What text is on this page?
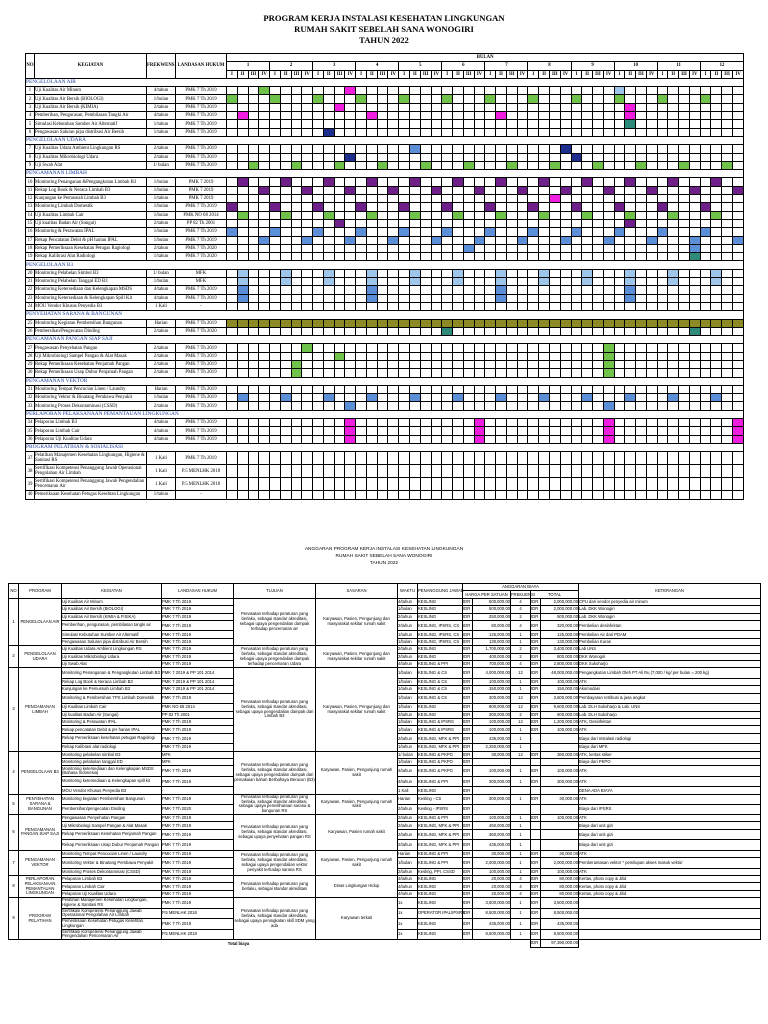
PROGRAM KERJA INSTALASI KESEHATAN LINGKUNGAN
RUMAH SAKIT SEBELAH SANA WONOGIRI
TAHUN 2022
NO	KEGIATAN	FREKWENSI	LANDASAN HUKUM	BULAN																																															
				1				2				3				4				5				6				7				8				9				10				11				12			
				I	II	III	IV	I	II	III	IV	I	II	III	IV	I	II	III	IV	I	II	III	IV	I	II	III	IV	I	II	III	IV	I	II	III	IV	I	II	III	IV	I	II	III	IV	I	II	III	IV	I	II	III	IV
PENGELOLAAN AIR																																																			
1	Uji Kualitas Air Minum	4/tahun	PMK 7 Th 2019																																																
2	Uji Kualitas Air Bersih (BIOLOGI)	1/bulan	PMK 7 Th 2019																																																
3	Uji Kualitas Air Bersih (KIMIA)	2/tahun	PMK 7 Th 2019																																																
4	Pemberihan, Pengurasan, Pembilasan Tangki Air	4/tahun	PMK 7 Th 2019																																																
5	Simulasi Kebutuhan Sumber Air Alternatif	1/tahun	PMK 7 Th 2019																																																
6	Pengawasan Saluran pipa distribusi Air Bersih	1/tahun	PMK 7 Th 2019																																																
PENGELOLAAN UDARA																																																			
7	Uji Kualitas Udara Ambient Lingkungan RS	2/tahun	PMK 7 Th 2019																																																
8	Uji Kualitas Mikrobiologi Udara	2/tahun	PMK 7 Th 2019																																																
9	Uji Swab Alat	1/ bulan	PMK 7 Th 2019																																																
PENGAMANAN LIMBAH																																																			
10	Monitoring Penanganan &Pengangkutan Limbah B3	1/bulan	PMK 7 2019																																																
11	Rekap Log Book & Neraca Limbah B3	1/bulan	PMK 7 2019																																																
12	Kunjungan ke Pemusnah Limbah B3	1/tahun	PMK 7 2019																																																
13	Monitoring Limbah Domestik	1/bulan	PMK 7 Th 2019																																																
14	Uji Kualitas Limbah Cair	1/bulan	PMK NO 68 2014																																																
15	Uji kualitas Badan Air (Sungai)	2/tahun	PP 82 Th 2001																																																
16	Monitoring & Perawatan IPAL	1/bulan	PMK 7 Th 2019																																																
17	Rekap Pencatatan Debit & pH harian IPAL	1/bulan	PMK 7 Th 2019																																																
18	Rekap Pemeriksaan Kesehatan Petugas Ragiologi	2/tahun	PMK 7 Th 2020																																																
19	Rekap Kalibrasi Alat Radiologi	1/tahun	PMK 7 Th 2020																																																
PENGELOLAAN B3																																																			
20	Monitoring Pelabelan Simbol B3	1/ bulan	MFK																																																
21	Monitoring Pelabelan Tanggal ED B3	1/bulan	MFK																																																
22	Monitoring Ketersediaan dan Kelengkapan MSDS	4/tahun	PMK 7 Th 2019																																																
23	Monitoring Ketersediaan & Kelengkapan Spill Kit	4/tahun	PMK 7 Th 2019																																																
24	MOU Vendor Khusus Penyedia B3	1 Kali	-																																																
PENYEHATAN SARANA & BANGUNAN																																																			
25	Monitoring Kegiatan Pembersihan Bangunan	Harian	PMK 7 Th 2019																																																
26	Pembersihan/Pengecatan Dinding	2/tahun	PMK 7 Th 2020																																																
PENGAMANAN PANGAN SIAP SAJI																																																			
27	Pengawasan Penyehatan Pangan	2/tahun	PMK 7 Th 2019																																																
28	Uji Mikrobiologi Sampel Pangan & Alat Masak	2/tahun	PMK 7 Th 2019																																																
29	Rekap Pemeriksaan Kesehatan Penjamah Pangan	2/tahun	PMK 7 Th 2019																																																
30	Rekap Pemeriksaan Usap Dubur Penjamah Pangan	2/tahun	PMK 7 Th 2019																																																
PENGAMANAN VEKTOR																																																			
31	Monitoring Tempat Pencucian Linen / Laundry	Harian	PMK 7 Th 2019																																																
32	Monitoring Vektor & Binatang Pembawa Penyakit	1/bulan	PMK 7 Th 2019																																																
33	Monitoring Proses Dekontaminasi (CSSD)	2/tahun	PMK 7 Th 2019																																																
PERLAPORAN PELAKSANAAN PEMANTAUAN LINGKUNGAN																																																			
34	Pelaporan Limbah B3	4/tahun	PMK 7 Th 2019																																																
35	Pelaporan Limbah Cair	4/tahun	PMK 7 Th 2019																																																
36	Pelaporan Uji Kualitas Udara	4/tahun	PMK 7 Th 2019																																																
PROGRAM PELATIHAN & SOSIALISASI																																																			
37	Pelatihan Manajemen Kesehatan Lingkungan, Higiene & Sanitasi RS	1 Kali	PMK 7 Th 2019																																																
38	Sertifikasi Kompetensi Penanggung Jawab Operasional Pengolahan Air Limbah	1 Kali	P.5 MENLHK 2018																																																
39	Sertifikasi Kompetensi Penanggung Jawab Pengendalian Pencemaran Air	1 Kali	P.5 MENLHK 2018																																																
40	Pemeriksaan Kesehatan Petugas Kesehtan Lingkungan	1/tahun	-																																																
ANGGARAN PROGRAM KERJA INSTALASI KESEHATAN LINGKUNGAN
RUMAH SAKIT SEBELAH SANA WONOGIRI
TAHUN 2022
NO	PROGRAM	KEGIATAN	LANDASAN HUKUM	TUJUAN	SASARAN	WAKTU	PENANGGUNG JAWAB	ANGGARAN BIAYA					KETERANGAN
								HARGA PER SATUAN		FREKUENSI	TOTAL		
1	PENGELOLAAN AIR	Uji Kualitas Air Minum	PMK 7 Th 2019	Penasatan terhadap peraturan yang berlaku, sebagai standar akreditasi, sebagai upaya pengendalian dampak terhadap pencemaran air	Karyawan, Pasien, Pengunjung dan masyarakat sekitar rumah sakit	4/tahun	KESLING	IDR	500,000.00	4	IDR	2,000,000.00	CPU dari vendor penyedia air minum
		Uji Kualitas Air Bersih (BIOLOGI)	PMK 7 Th 2019			1/bulan	KESLING	IDR	500,000.00	4	IDR	2,000,000.00	Lab. DKK Wonogiri
		Uji Kualitas Air Bersih (KIMIA & FISIKA)	PMK 7 Th 2019			2/tahun	KESLING	IDR	250,000.00	2	IDR	500,000.00	Lab. DKK Wonogiri
		Pemberihan, pengurasan, pembilasan tangki air	PMK 7 Th 2019			2/tahun	KESLING, IPSRS, CS	IDR	80,000.00	4	IDR	320,000.00	Pembelian desinfektan
		Simulasi Kebutuhan Sumber Air Alternatif	PMK 7 Th 2019			1/tahun	KESLING, IPSRS, CS	IDR	125,000.00	1	IDR	125,000.00	Pembelian Air dari PDAM
		Pengawasan Saluran pipa distribusi Air Bersih	PMK 7 Th 2019			1/bulan	KESLING, IPSRS, CS	IDR	130,000.00	1	IDR	130,000.00	Pembelian Kuras
2	PENGELOLAAN UDARA	Uji Kualitas Udara Ambient Lingkungan RS	PMK 7 Th 2019	Penasatan terhadap peraturan yang berlaku, sebagai standar akreditasi, sebagai upaya pengendalian dampak terhadap pencemaran Udara	Karyawan, Pasien, Pengunjung dan masyarakat sekitar rumah sakit	2/tahun	KESLING	IDR	1,700,000.00	2	IDR	3,400,000.00	Lab UNS
		Uji Kualitas Mikrobiologi Udara	PMK 7 Th 2019			2/tahun	KESLING	IDR	400,000.00	2	IDR	800,000.00	DKK Wonogiri
		Uji Swab Alat	PMK 7 Th 2019			4/tahun	KESLING & PPI	IDR	700,000.00	4	IDR	2,800,000.00	DKK Sukoharjo
3	PENGAMANAN LIMBAH	Monitoring Penanganan & Pengangkutan Limbah B3	PMK 7 2019 & PP 101 2014	Penasatan terhadap peraturan yang berlaku, sebagai standar akreditasi, sebagai upaya pengendalian dampak dari Limbah B3	Karyawan, Pasien, Pengunjung dan masyarakat sekitar rumah sakit	1/bulan	KESLING & CS	IDR	4,000,000.00	12	IDR	48,000,000.00	Pengangkutan Limbah Oleh PT Ali Ru (7,000 / kg/ per bulan = 200 kg)
		Rekap Log Book & Neraca Limbah B3	PMK 7 2019 & PP 101 2014			1/bulan	KESLING & CS	IDR	100,000.00	1	IDR	100,000.00	ATK
		Kunjungan ke Pemusnah Limbah B3	PMK 7 2019 & PP 101 2014			1/tahun	KESLING & CS	IDR	150,000.00	1	IDR	150,000.00	Akomodasi
		Monitoring & Pembersihan TPS Limbah Domestik	PMK 7 Th 2019			1/bulan	KESLING & CS	IDR	300,000.00	12	IDR	3,600,000.00	Pembayaran retribusi & jasa angkut
		Uji Kualitas Limbah Cair	PMK NO 68 2014			1/bulan	KESLING	IDR	800,000.00	12	IDR	9,600,000.00	Lab. DLH Sukoharjo & Lab. UNS
		Uji kualitas Badan Air (Sungai)	PP 82 Th 2001			2/tahun	KESLING	IDR	300,000.00	2	IDR	600,000.00	Lab. DLH Sukoharjo
		Monitoring & Perawatan IPAL	PMK 7 Th 2019			1/bulan	KESLING & IPSRS	IDR	100,000.00	12	IDR	1,200,000.00	ATK, Desinfektan
		Rekap pencatatan Debit & pH harian IPAL	PMK 7 Th 2019			1/bulan	KESLING & IPSRS	IDR	100,000.00	1	IDR	100,000.00	ATK
		Rekap Pemeriksaan kesehatan petugas Ragiologi	PMK 7 Th 2019			2/tahun	KESLING, MFK & PPI	IDR	435,000.00	1	-		Biaya dari Instalasi radiologi
		Rekap Kalibrasi alat radiologi	PMK 7 Th 2019			1/tahun	KESLING, MFK & PPI	IDR	2,250,000.00	1			Biaya dari MFK
4	PENGELOLAAN B3	Monitoring pelabelan simbol B3	MFK	Penasatan terhadap peraturan yang berlaku, sebagai standar akreditasi, sebagai upaya pengendalian dampak dari pemakaian bahan Berbahaya Beracun (B3)	Karyawan, Pasien, Pengunjung rumah sakit	1/ bulan	KESLING & PKPO	IDR	30,000.00	12	IDR	360,000.00	ATK, kertas stiker
		Monitoring pelabelan tanggal ED	MFK			1/bulan	KESLING & PKPO	IDR					Biaya dari PKPO
		Monitoring ketersediaan dan Kelengkapan MSDS (Bahasa Indonesia)	PMK 7 Th 2019			4/tahun	KESLING & PKPO	IDR	100,000.00	1	IDR	100,000.00	ATK
		Monitoring ketersediaan & Kelengkapan spill kit	PMK 7 Th 2019			4/tahun	KESLING & PPI	IDR	300,000.00	1	IDR	300,000.00	ATK
		MOU Vendor Khusus Penyedia B3	-			1 Kali	KESLING	IDR					DENA ADA BIAYA
5	PENYEHATAN SARANA & BANGUNAN	Monitoring kegiatan Pembersihan Bangunan	PMK 7 Th 2019	Penasatan terhadap peraturan yang berlaku, sebagai standar akreditasi, sebagai upaya pemeliharaan sarana & bangunan RS	Karyawan, Pasien, Pengunjung rumah sakit	Harian	Kesling - CS	IDR	300,000.00	1	IDR	30,000.00	ATK
		Pembersihan/pengecatan Dinding	PMK 7 Th 2020			2/tahun	Kesling - IPSRS	IDR					Biaya dari IPSRS
6	PENGAMANAN PANGAN SIAP SAJI	Pengawasan Penyehatan Pangan	PMK 7 Th 2019	Penasatan terhadap peraturan yang berlaku, sebagai standar akreditasi, sebagai upaya penyehatan pangan RS	Karyawan, Pasien rumah sakit	2/tahun	KESLING & PPI	IDR	100,000.00	1	IDR	100,000.00	ATK
		Uji Mikrobiologi Sampel Pangan & Alat Masak	PMK 7 Th 2019			2/tahun	KESLING, MFK & PPI	IDR	450,000.00	1			Biaya dari unit gizi
		Rekap Pemeriksaan Kesehatan Penjamah Pangan	PMK 7 Th 2019			2/tahun	KESLING, MFK & PPI	IDR	360,000.00	1			Biaya dari unit gizi
		Rekap Pemeriksaan Usap Dubur Penjamah Pangan	PMK 7 Th 2019			2/tahun	KESLING, MFK & PPI	IDR	435,000.00	1			Biaya dari unit gizi
7	PENGAMANAN VEKTOR	Monitoring Tempat Pencucian Linen / Laundry	PMK 7 Th 2019	Penasatan terhadap peraturan yang berlaku, sebagai standar akreditasi, sebagai upaya pengendalian vektor penyakit terhadap sarana RS	Karyawan, Pasien, Pengunjung rumah sakit	Harian	KESLING & PPI	IDR	30,000.00	1	IDR	30,000.00	ATK
		Monitoring Vektor & Binatang Pembawa Penyakit	PMK 7 Th 2019			1/bulan	KESLING & PPI	IDR	2,000,000.00	1	IDR	2,000,000.00	Pemberantasan vektor * pemilupan akses masuk vektor
		Monitoring Proses Dekontaminasi (CSSD)	PMK 7 Th 2019			2/tahun	Kesling, PPI, CSSD	IDR	100,000.00	1	IDR	100,000.00	ATK
8	PERLAPORAN PELAKSANAAN PEMANTAUAN LINGKUNGAN	Pelaporan Limbah B3	PMK 7 Th 2019	Penasatan terhadap peraturan yang berlaku, sebagai standar akreditasi	Dinas Lingkungan Hidup	4/tahun	KESLING	IDR	20,000.00	4	IDR	80,000.00	Kertas, photo copy & Jilid
		Pelaporan Limbah Cair	PMK 7 Th 2019			4/tahun	KESLING	IDR	20,000.00	4	IDR	80,000.00	Kertas, photo copy & Jilid
		Pelaporan Uji Kualitas Udara	PMK 7 Th 2019			4/tahun	KESLING	IDR	20,000.00	4	IDR	80,000.00	Kertas, photo copy & Jilid
9	PROGRAM PELATIHAN	Pelatihan Manajemen Kesehatan Lingkungan, Higiene & Sanitasi RS	PMK 7 Th 2019	Penasatan terhadap peraturan yang berlaku, sebagai standar akreditasi, sebagai upaya peningkatan skill SDM yang ada	Karyawan terkait	1x	KESLING	IDR	3,500,000.00	1	IDR	3,500,000.00	
		Sertifikasi Kompetensi Penanggung Jawab Operasional Pengolahan Air Limbah	P.5 MENLHK 2018			1x	OPERATOR IPAL/IPSRS	IDR	8,500,000.00	1	IDR	8,500,000.00	
		Pemeriksaan Kesehatan Petugas Kesehtan Lingkungan	PMK 7 Th 2019			1x	KESLING	IDR	435,000.00	1	IDR	435,000.00	
		Sertifikasi Kompetensi Penanggung Jawab Pengendalian Pencemaran Air	P.5 MENLHK 2018			1x	KESLING	IDR	8,500,000.00	1	IDR	8,500,000.00	
			Total biaya								IDR	97,390,000.00	
